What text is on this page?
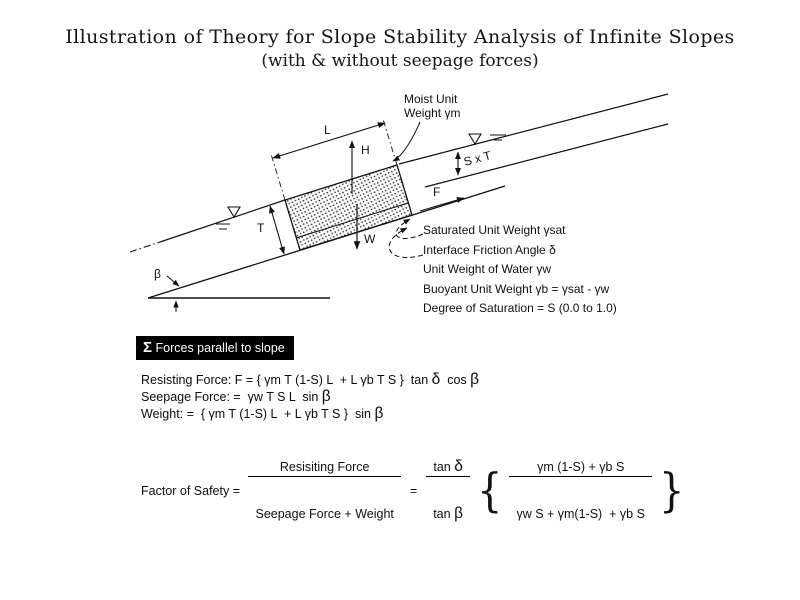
Illustration of Theory for Slope Stability Analysis of Infinite Slopes
(with & without seepage forces)
β
S x T
F
W
H
T
L
Moist Unit
Weight γm
Saturated Unit Weight γsat
Interface Friction Angle δ
Unit Weight of Water γw
Buoyant Unit Weight γb = γsat - γw
Degree of Saturation = S (0.0 to 1.0)
Σ Forces parallel to slope
Resisting Force: F = { γm T (1-S) L  + L γb T S }  tan δ  cos β
Seepage Force: =  γw T S L  sin β
Weight: =  { γm T (1-S) L  + L γb T S }  sin β
Factor of Safety =

$\frac{\text{Resisiting Force}}{\text{Seepage Force + Weight}}$

=

$\frac{\text{tan δ}}{\text{tan β}}$

{

$\frac{\text{γm (1-S) + γb S}}{\text{γw S + γm(1-S)  + γb S}}$

}
